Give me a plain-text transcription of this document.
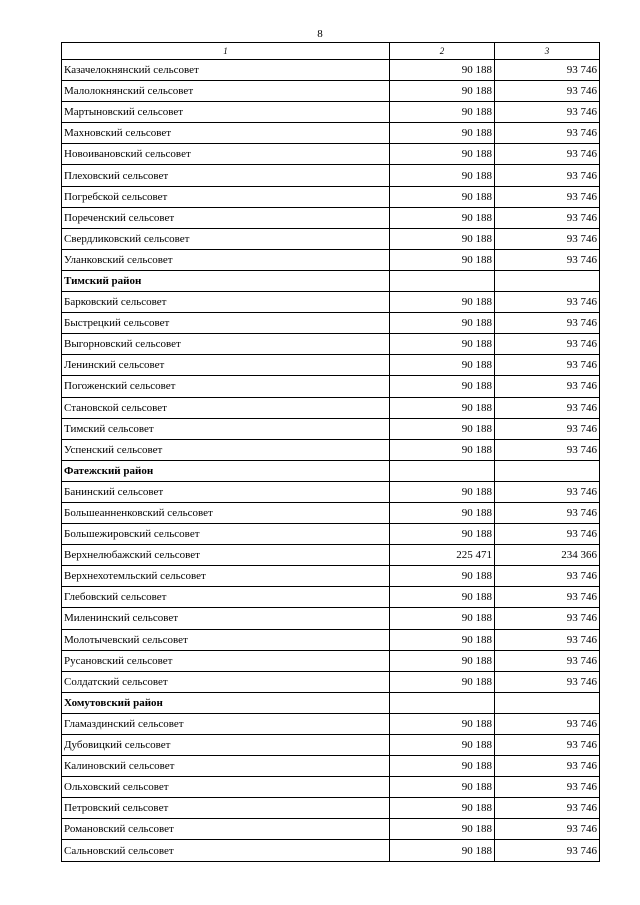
8
1	2	3
Казачелокнянский сельсовет	90 188	93 746
Малолокнянский сельсовет	90 188	93 746
Мартыновский сельсовет	90 188	93 746
Махновский сельсовет	90 188	93 746
Новоивановский сельсовет	90 188	93 746
Плеховский сельсовет	90 188	93 746
Погребской сельсовет	90 188	93 746
Пореченский сельсовет	90 188	93 746
Свердликовский сельсовет	90 188	93 746
Уланковский сельсовет	90 188	93 746
Тимский район		
Барковский сельсовет	90 188	93 746
Быстрецкий сельсовет	90 188	93 746
Выгорновский сельсовет	90 188	93 746
Ленинский сельсовет	90 188	93 746
Погоженский сельсовет	90 188	93 746
Становской сельсовет	90 188	93 746
Тимский сельсовет	90 188	93 746
Успенский сельсовет	90 188	93 746
Фатежский район		
Банинский сельсовет	90 188	93 746
Большеанненковский сельсовет	90 188	93 746
Большежировский сельсовет	90 188	93 746
Верхнелюбажский сельсовет	225 471	234 366
Верхнехотемльский сельсовет	90 188	93 746
Глебовский сельсовет	90 188	93 746
Миленинский сельсовет	90 188	93 746
Молотычевский сельсовет	90 188	93 746
Русановский сельсовет	90 188	93 746
Солдатский сельсовет	90 188	93 746
Хомутовский район		
Гламаздинский сельсовет	90 188	93 746
Дубовицкий сельсовет	90 188	93 746
Калиновский сельсовет	90 188	93 746
Ольховский сельсовет	90 188	93 746
Петровский сельсовет	90 188	93 746
Романовский сельсовет	90 188	93 746
Сальновский сельсовет	90 188	93 746
